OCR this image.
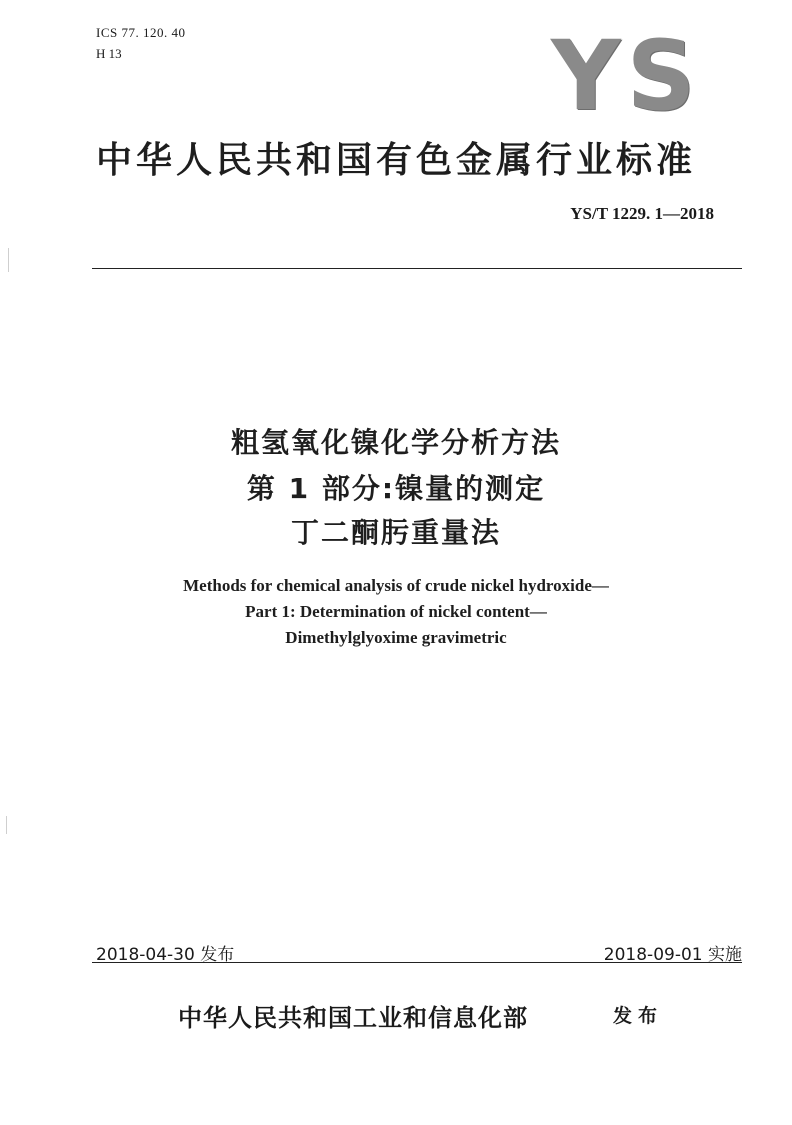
ICS 77. 120. 40
H 13	YS
中华人民共和国有色金属行业标准
YS/T 1229. 1—2018
粗氢氧化镍化学分析方法
第 1 部分:镍量的测定
丁二酮肟重量法
Methods for chemical analysis of crude nickel hydroxide—
Part 1: Determination of nickel content—
Dimethylglyoxime gravimetric
2018-04-30 发布	2018-09-01 实施
中华人民共和国工业和信息化部	发布
